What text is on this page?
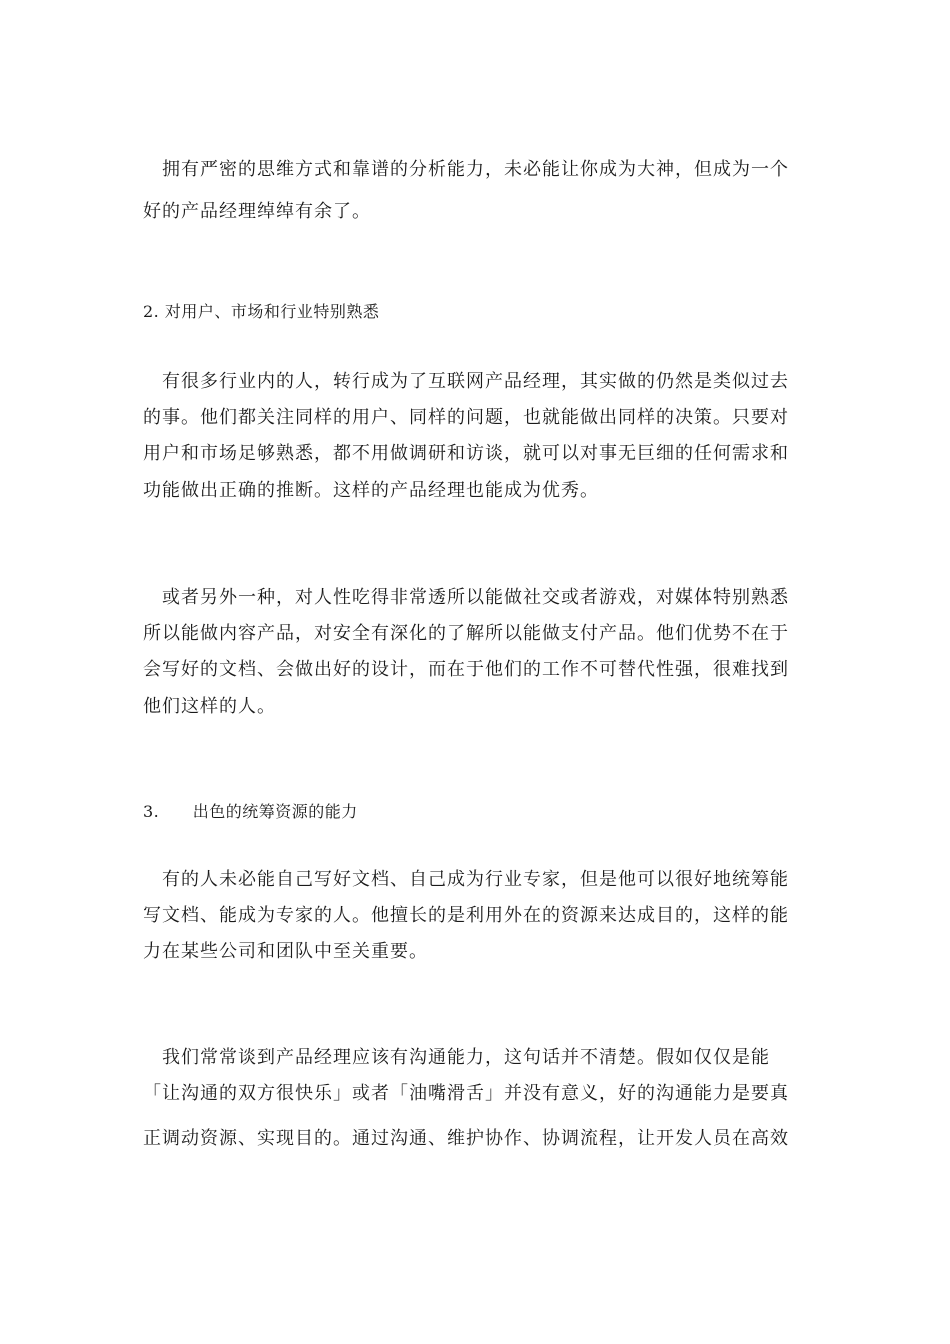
　拥有严密的思维方式和靠谱的分析能力，未必能让你成为大神，但成为一个
好的产品经理绰绰有余了。
2. 对用户、市场和行业特别熟悉
　有很多行业内的人，转行成为了互联网产品经理，其实做的仍然是类似过去
的事。他们都关注同样的用户、同样的问题，也就能做出同样的决策。只要对
用户和市场足够熟悉，都不用做调研和访谈，就可以对事无巨细的任何需求和
功能做出正确的推断。这样的产品经理也能成为优秀。
　或者另外一种，对人性吃得非常透所以能做社交或者游戏，对媒体特别熟悉
所以能做内容产品，对安全有深化的了解所以能做支付产品。他们优势不在于
会写好的文档、会做出好的设计，而在于他们的工作不可替代性强，很难找到
他们这样的人。
3.      出色的统筹资源的能力
　有的人未必能自己写好文档、自己成为行业专家，但是他可以很好地统筹能
写文档、能成为专家的人。他擅长的是利用外在的资源来达成目的，这样的能
力在某些公司和团队中至关重要。
　我们常常谈到产品经理应该有沟通能力，这句话并不清楚。假如仅仅是能
「让沟通的双方很快乐」或者「油嘴滑舌」并没有意义，好的沟通能力是要真
正调动资源、实现目的。通过沟通、维护协作、协调流程，让开发人员在高效
